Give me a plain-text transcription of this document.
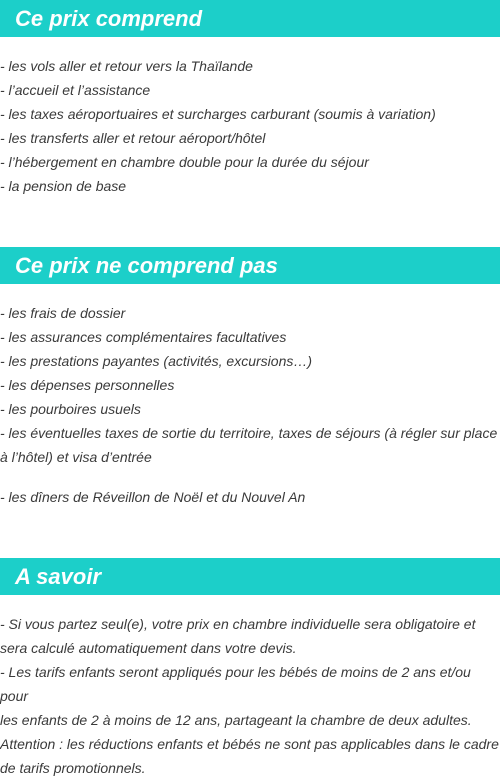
Ce prix comprend
- les vols aller et retour vers la Thaïlande
- l’accueil et l’assistance
- les taxes aéroportuaires et surcharges carburant (soumis à variation)
- les transferts aller et retour aéroport/hôtel
- l’hébergement en chambre double pour la durée du séjour
- la pension de base
Ce prix ne comprend pas
- les frais de dossier
- les assurances complémentaires facultatives
- les prestations payantes (activités, excursions…)
- les dépenses personnelles
- les pourboires usuels
- les éventuelles taxes de sortie du territoire, taxes de séjours (à régler sur place
à l’hôtel) et visa d’entrée
- les dîners de Réveillon de Noël et du Nouvel An
A savoir
- Si vous partez seul(e), votre prix en chambre individuelle sera obligatoire et
sera calculé automatiquement dans votre devis.
- Les tarifs enfants seront appliqués pour les bébés de moins de 2 ans et/ou pour
les enfants de 2 à moins de 12 ans, partageant la chambre de deux adultes.
Attention : les réductions enfants et bébés ne sont pas applicables dans le cadre
de tarifs promotionnels.
